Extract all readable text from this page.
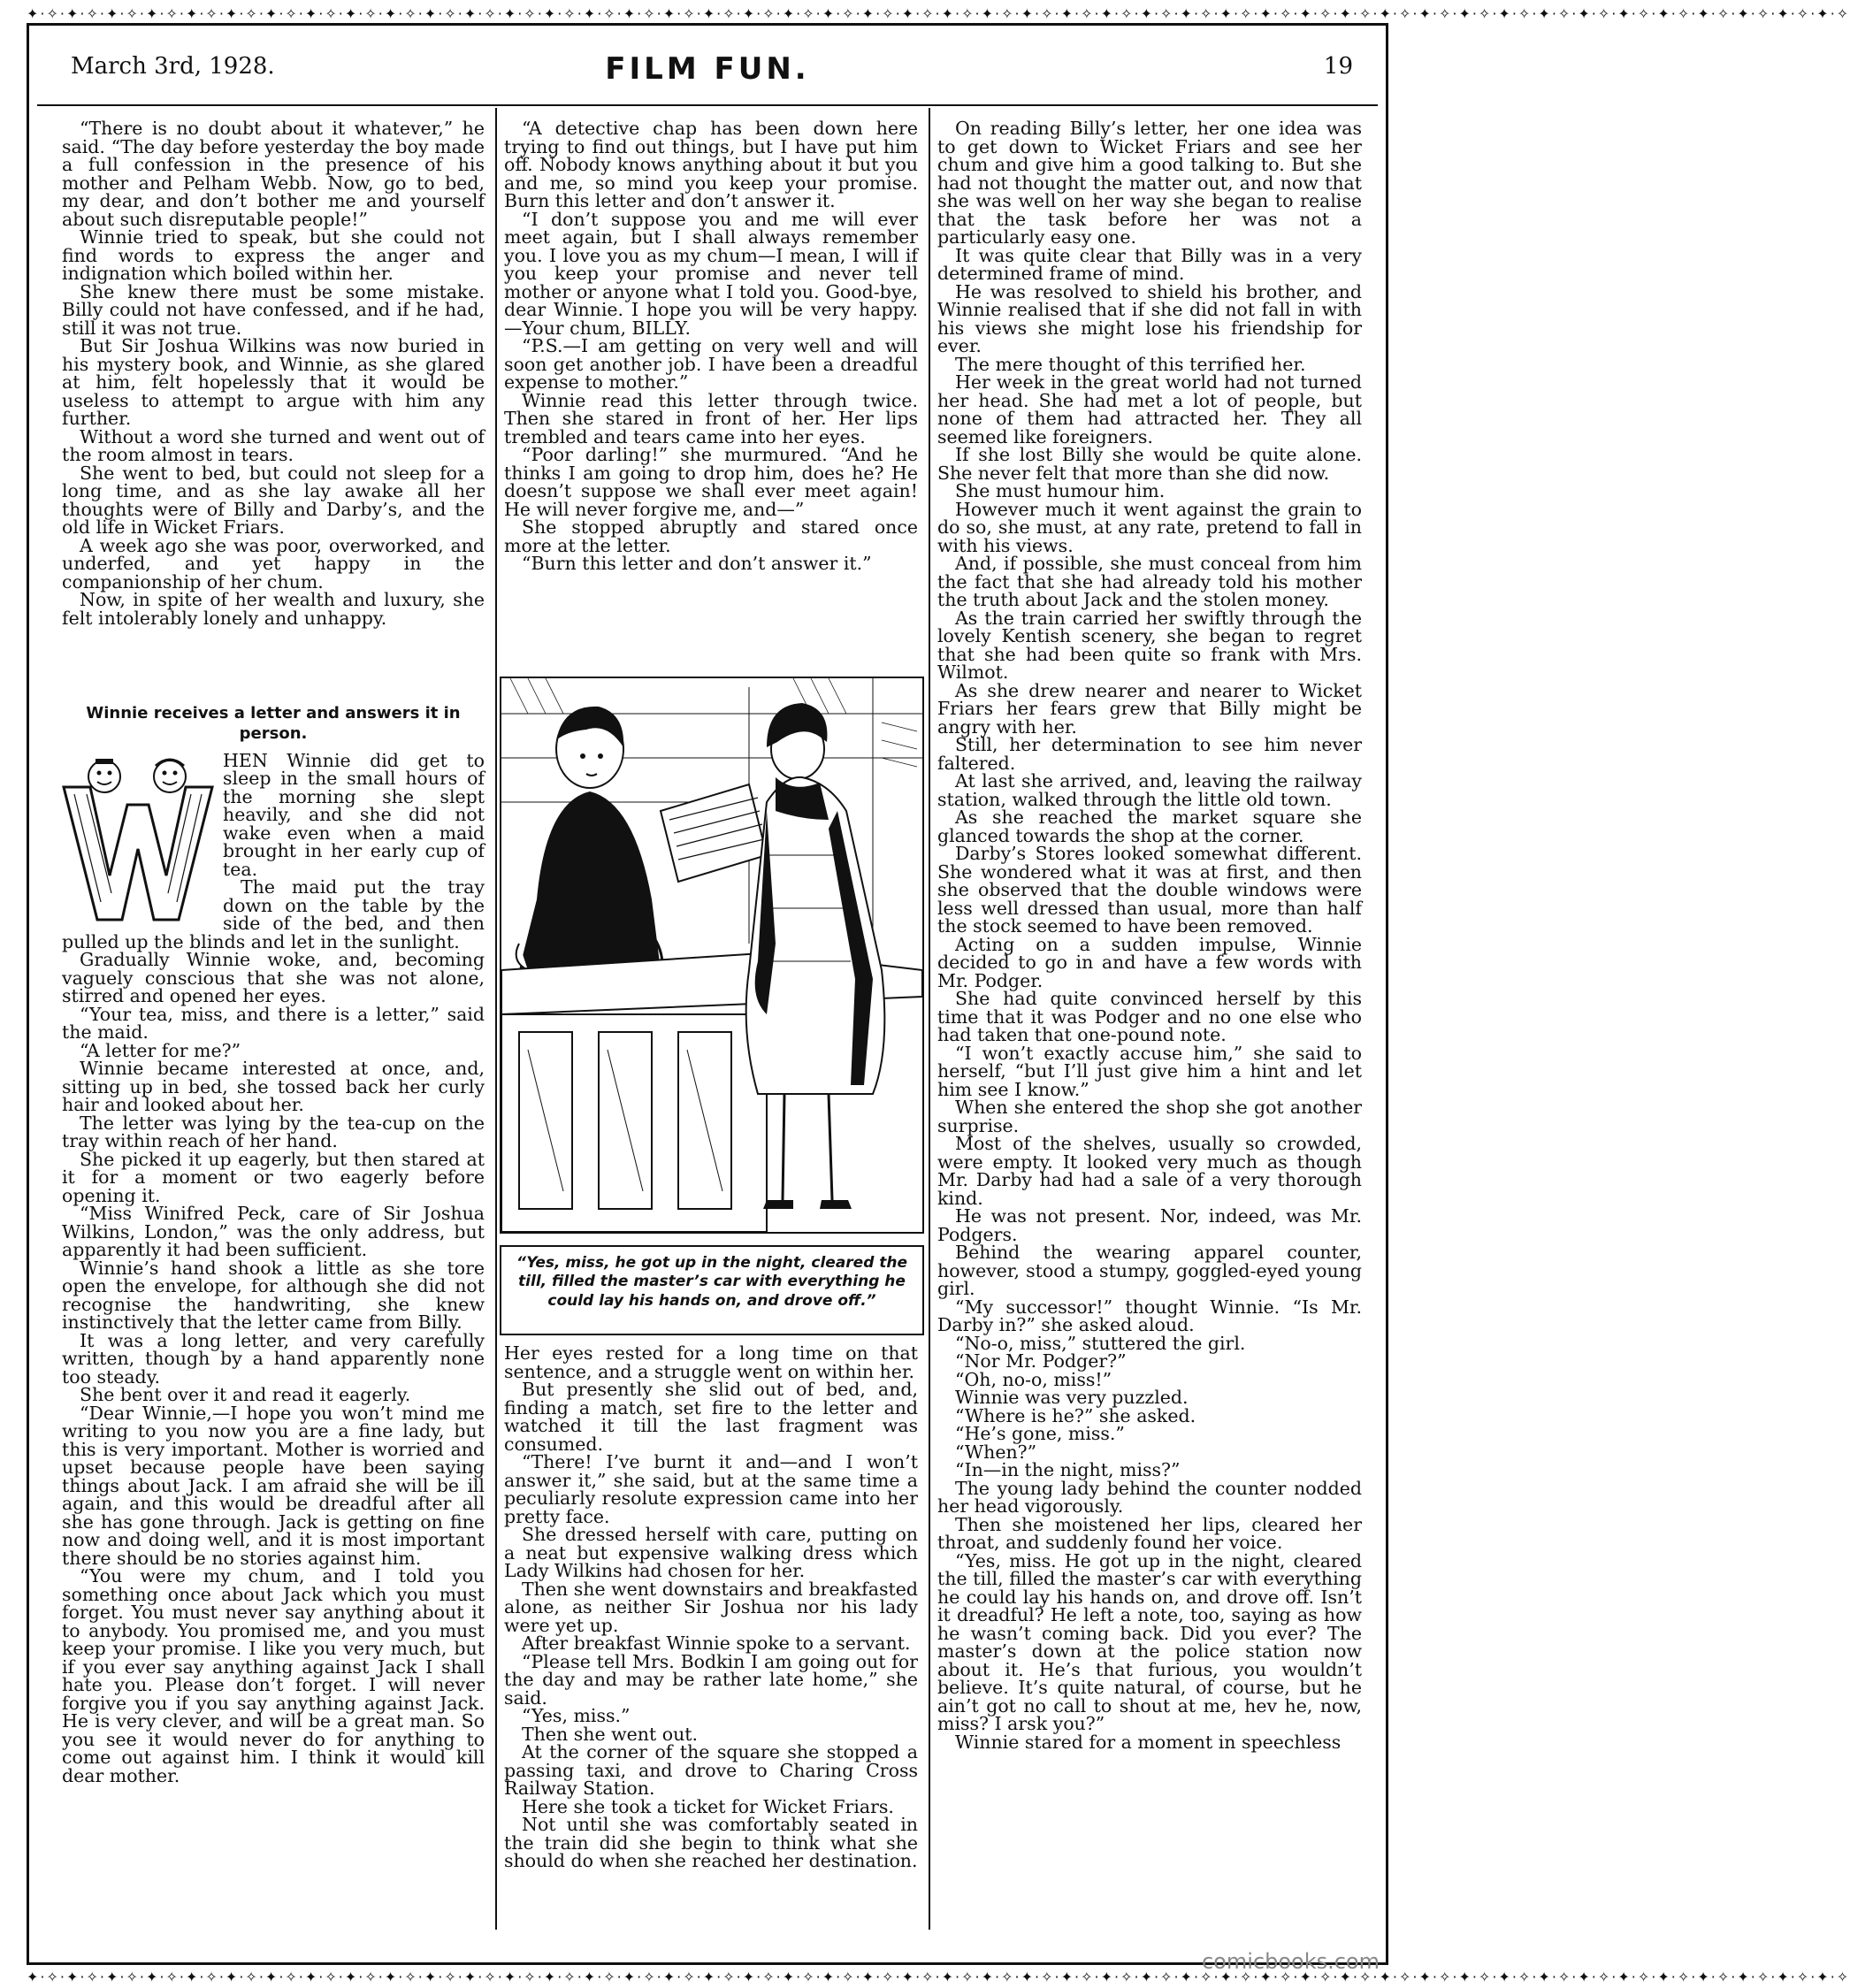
✦·✧·✦·✧·✦·✧·✦·✧·✦·✧·✦·✧·✦·✧·✦·✧·✦·✧·✦·✧·✦·✧·✦·✧·✦·✧·✦·✧·✦·✧·✦·✧·✦·✧·✦·✧·✦·✧·✦·✧·✦·✧·✦·✧·✦·✧·✦·✧·✦·✧·✦·✧·✦·✧·✦·✧·✦·✧·✦·✧·✦·✧·✦·✧·✦·✧·✦·✧·✦·✧·✦·✧·✦·✧·✦·✧·✦·✧·✦·✧·✦·✧·✦·✧·✦·✧·✦·✧·✦·✧·✦·✧
✦·✧·✦·✧·✦·✧·✦·✧·✦·✧·✦·✧·✦·✧·✦·✧·✦·✧·✦·✧·✦·✧·✦·✧·✦·✧·✦·✧·✦·✧·✦·✧·✦·✧·✦·✧·✦·✧·✦·✧·✦·✧·✦·✧·✦·✧·✦·✧·✦·✧·✦·✧·✦·✧·✦·✧·✦·✧·✦·✧·✦·✧·✦·✧·✦·✧·✦·✧·✦·✧·✦·✧·✦·✧·✦·✧·✦·✧·✦·✧·✦·✧·✦·✧·✦·✧·✦·✧·✦·✧·✦·✧
March 3rd, 1928.	FILM FUN.	19

“There is no doubt about it whatever,” he said. “The day before yesterday the boy made a full confession in the presence of his mother and Pelham Webb. Now, go to bed, my dear, and don’t bother me and yourself about such disreputable people!”

Winnie tried to speak, but she could not find words to express the anger and indignation which boiled within her.

She knew there must be some mistake. Billy could not have confessed, and if he had, still it was not true.

But Sir Joshua Wilkins was now buried in his mystery book, and Winnie, as she glared at him, felt hopelessly that it would be useless to attempt to argue with him any further.

Without a word she turned and went out of the room almost in tears.

She went to bed, but could not sleep for a long time, and as she lay awake all her thoughts were of Billy and Darby’s, and the old life in Wicket Friars.

A week ago she was poor, overworked, and underfed, and yet happy in the companionship of her chum.

Now, in spite of her wealth and luxury, she felt intolerably lonely and unhappy.

Winnie receives a letter and answers it in person.

HEN Winnie did get to sleep in the small hours of the morning she slept heavily, and she did not wake even when a maid brought in her early cup of tea.

The maid put the tray down on the table by the side of the bed, and then pulled up the blinds and let in the sunlight.

Gradually Winnie woke, and, becoming vaguely conscious that she was not alone, stirred and opened her eyes.

“Your tea, miss, and there is a letter,” said the maid.

“A letter for me?”

Winnie became interested at once, and, sitting up in bed, she tossed back her curly hair and looked about her.

The letter was lying by the tea-cup on the tray within reach of her hand.

She picked it up eagerly, but then stared at it for a moment or two eagerly before opening it.

“Miss Winifred Peck, care of Sir Joshua Wilkins, London,” was the only address, but apparently it had been sufficient.

Winnie’s hand shook a little as she tore open the envelope, for although she did not recognise the handwriting, she knew instinctively that the letter came from Billy.

It was a long letter, and very carefully written, though by a hand apparently none too steady.

She bent over it and read it eagerly.

“Dear Winnie,—I hope you won’t mind me writing to you now you are a fine lady, but this is very important. Mother is worried and upset because people have been saying things about Jack. I am afraid she will be ill again, and this would be dreadful after all she has gone through. Jack is getting on fine now and doing well, and it is most important there should be no stories against him.

“You were my chum, and I told you something once about Jack which you must forget. You must never say anything about it to anybody. You promised me, and you must keep your promise. I like you very much, but if you ever say anything against Jack I shall hate you. Please don’t forget. I will never forgive you if you say anything against Jack. He is very clever, and will be a great man. So you see it would never do for anything to come out against him. I think it would kill dear mother.

“A detective chap has been down here trying to find out things, but I have put him off. Nobody knows anything about it but you and me, so mind you keep your promise. Burn this letter and don’t answer it.

“I don’t suppose you and me will ever meet again, but I shall always remember you. I love you as my chum—I mean, I will if you keep your promise and never tell mother or anyone what I told you. Good-bye, dear Winnie. I hope you will be very happy.—Your chum, BILLY.

“P.S.—I am getting on very well and will soon get another job. I have been a dreadful expense to mother.”

Winnie read this letter through twice. Then she stared in front of her. Her lips trembled and tears came into her eyes.

“Poor darling!” she murmured. “And he thinks I am going to drop him, does he? He doesn’t suppose we shall ever meet again! He will never forgive me, and—”

She stopped abruptly and stared once more at the letter.

“Burn this letter and don’t answer it.”

“Yes, miss, he got up in the night, cleared the till, filled the master’s car with everything he could lay his hands on, and drove off.”

Her eyes rested for a long time on that sentence, and a struggle went on within her.

But presently she slid out of bed, and, finding a match, set fire to the letter and watched it till the last fragment was consumed.

“There! I’ve burnt it and—and I won’t answer it,” she said, but at the same time a peculiarly resolute expression came into her pretty face.

She dressed herself with care, putting on a neat but expensive walking dress which Lady Wilkins had chosen for her.

Then she went downstairs and breakfasted alone, as neither Sir Joshua nor his lady were yet up.

After breakfast Winnie spoke to a servant.

“Please tell Mrs. Bodkin I am going out for the day and may be rather late home,” she said.

“Yes, miss.”

Then she went out.

At the corner of the square she stopped a passing taxi, and drove to Charing Cross Railway Station.

Here she took a ticket for Wicket Friars.

Not until she was comfortably seated in the train did she begin to think what she should do when she reached her destination.

On reading Billy’s letter, her one idea was to get down to Wicket Friars and see her chum and give him a good talking to. But she had not thought the matter out, and now that she was well on her way she began to realise that the task before her was not a particularly easy one.

It was quite clear that Billy was in a very determined frame of mind.

He was resolved to shield his brother, and Winnie realised that if she did not fall in with his views she might lose his friendship for ever.

The mere thought of this terrified her.

Her week in the great world had not turned her head. She had met a lot of people, but none of them had attracted her. They all seemed like foreigners.

If she lost Billy she would be quite alone. She never felt that more than she did now.

She must humour him.

However much it went against the grain to do so, she must, at any rate, pretend to fall in with his views.

And, if possible, she must conceal from him the fact that she had already told his mother the truth about Jack and the stolen money.

As the train carried her swiftly through the lovely Kentish scenery, she began to regret that she had been quite so frank with Mrs. Wilmot.

As she drew nearer and nearer to Wicket Friars her fears grew that Billy might be angry with her.

Still, her determination to see him never faltered.

At last she arrived, and, leaving the railway station, walked through the little old town.

As she reached the market square she glanced towards the shop at the corner.

Darby’s Stores looked somewhat different. She wondered what it was at first, and then she observed that the double windows were less well dressed than usual, more than half the stock seemed to have been removed.

Acting on a sudden impulse, Winnie decided to go in and have a few words with Mr. Podger.

She had quite convinced herself by this time that it was Podger and no one else who had taken that one-pound note.

“I won’t exactly accuse him,” she said to herself, “but I’ll just give him a hint and let him see I know.”

When she entered the shop she got another surprise.

Most of the shelves, usually so crowded, were empty. It looked very much as though Mr. Darby had had a sale of a very thorough kind.

He was not present. Nor, indeed, was Mr. Podgers.

Behind the wearing apparel counter, however, stood a stumpy, goggled-eyed young girl.

“My successor!” thought Winnie. “Is Mr. Darby in?” she asked aloud.

“No-o, miss,” stuttered the girl.

“Nor Mr. Podger?”

“Oh, no-o, miss!”

Winnie was very puzzled.

“Where is he?” she asked.

“He’s gone, miss.”

“When?”

“In—in the night, miss?”

The young lady behind the counter nodded her head vigorously.

Then she moistened her lips, cleared her throat, and suddenly found her voice.

“Yes, miss. He got up in the night, cleared the till, filled the master’s car with everything he could lay his hands on, and drove off. Isn’t it dreadful? He left a note, too, saying as how he wasn’t coming back. Did you ever? The master’s down at the police station now about it. He’s that furious, you wouldn’t believe. It’s quite natural, of course, but he ain’t got no call to shout at me, hev he, now, miss? I arsk you?”

Winnie stared for a moment in speechless

comicbooks.com
